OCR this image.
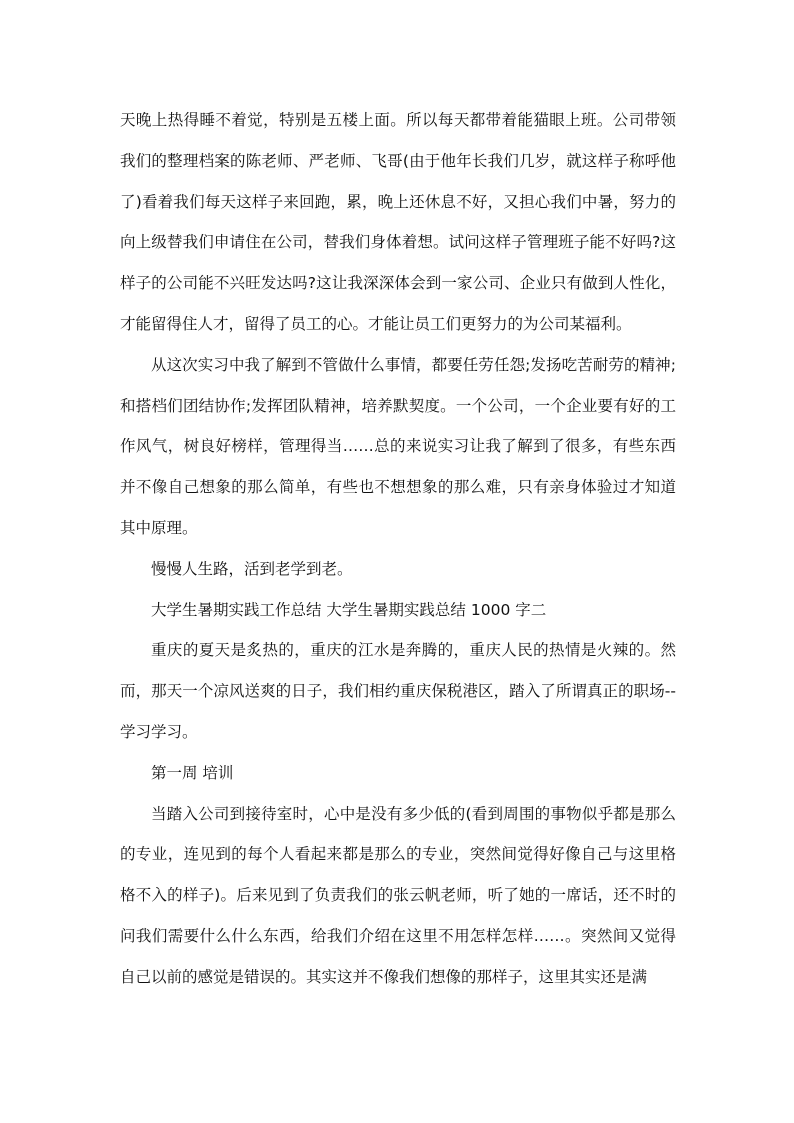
天晚上热得睡不着觉，特别是五楼上面。所以每天都带着能猫眼上班。公司带领我们的整理档案的陈老师、严老师、飞哥(由于他年长我们几岁，就这样子称呼他了)看着我们每天这样子来回跑，累，晚上还休息不好，又担心我们中暑，努力的向上级替我们申请住在公司，替我们身体着想。试问这样子管理班子能不好吗?这样子的公司能不兴旺发达吗?这让我深深体会到一家公司、企业只有做到人性化，才能留得住人才，留得了员工的心。才能让员工们更努力的为公司某福利。

从这次实习中我了解到不管做什么事情，都要任劳任怨;发扬吃苦耐劳的精神;和搭档们团结协作;发挥团队精神，培养默契度。一个公司，一个企业要有好的工作风气，树良好榜样，管理得当……总的来说实习让我了解到了很多，有些东西并不像自己想象的那么简单，有些也不想想象的那么难，只有亲身体验过才知道其中原理。

慢慢人生路，活到老学到老。

大学生暑期实践工作总结 大学生暑期实践总结 1000 字二

重庆的夏天是炙热的，重庆的江水是奔腾的，重庆人民的热情是火辣的。然而，那天一个凉风送爽的日子，我们相约重庆保税港区，踏入了所谓真正的职场--学习学习。

第一周 培训

当踏入公司到接待室时，心中是没有多少低的(看到周围的事物似乎都是那么的专业，连见到的每个人看起来都是那么的专业，突然间觉得好像自己与这里格格不入的样子)。后来见到了负责我们的张云帆老师，听了她的一席话，还不时的问我们需要什么什么东西，给我们介绍在这里不用怎样怎样……。突然间又觉得自己以前的感觉是错误的。其实这并不像我们想像的那样子，这里其实还是满
